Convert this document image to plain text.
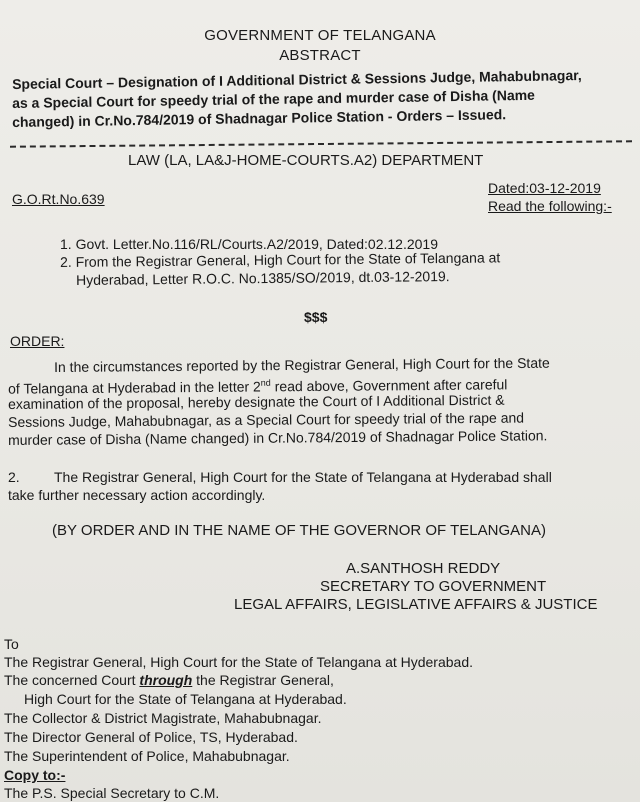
GOVERNMENT OF TELANGANA
ABSTRACT
Special Court – Designation of I Additional District & Sessions Judge, Mahabubnagar,
as a Special Court for speedy trial of the rape and murder case of Disha (Name
changed) in Cr.No.784/2019 of Shadnagar Police Station - Orders – Issued.
LAW (LA, LA&J-HOME-COURTS.A2) DEPARTMENT
G.O.Rt.No.639
Dated:03-12-2019
Read the following:-
1. Govt. Letter.No.116/RL/Courts.A2/2019, Dated:02.12.2019
2. From the Registrar General, High Court for the State of Telangana at
Hyderabad, Letter R.O.C. No.1385/SO/2019, dt.03-12-2019.
$$$
ORDER:
In the circumstances reported by the Registrar General, High Court for the State
of Telangana at Hyderabad in the letter 2nd read above, Government after careful
examination of the proposal, hereby designate the Court of I Additional District &
Sessions Judge, Mahabubnagar, as a Special Court for speedy trial of the rape and
murder case of Disha (Name changed) in Cr.No.784/2019 of Shadnagar Police Station.
2. The Registrar General, High Court for the State of Telangana at Hyderabad shall
take further necessary action accordingly.
(BY ORDER AND IN THE NAME OF THE GOVERNOR OF TELANGANA)
A.SANTHOSH REDDY
SECRETARY TO GOVERNMENT
LEGAL AFFAIRS, LEGISLATIVE AFFAIRS & JUSTICE
To
The Registrar General, High Court for the State of Telangana at Hyderabad.
The concerned Court through the Registrar General,
High Court for the State of Telangana at Hyderabad.
The Collector & District Magistrate, Mahabubnagar.
The Director General of Police, TS, Hyderabad.
The Superintendent of Police, Mahabubnagar.
Copy to:-
The P.S. Special Secretary to C.M.
